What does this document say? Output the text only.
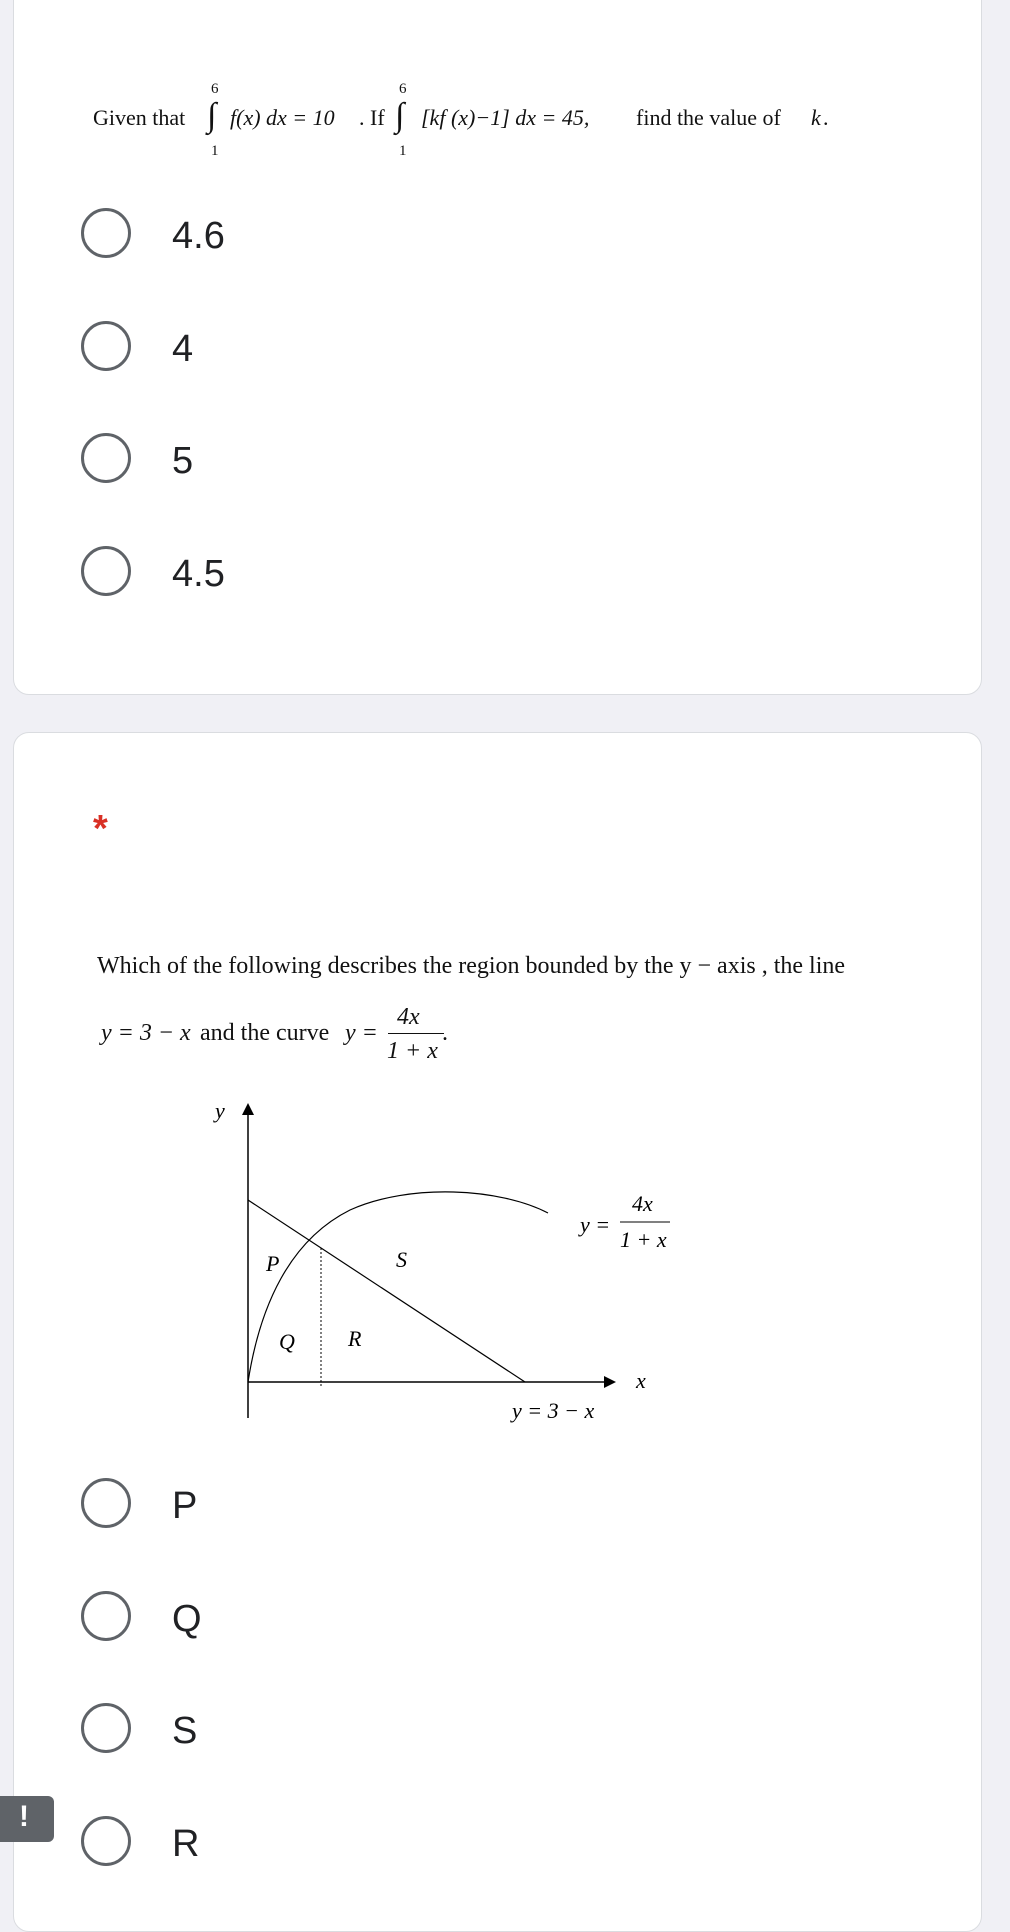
Given that
6
∫
1
f(x) dx = 10 . If
6
∫
1
[kf (x)−1] dx = 45, find the value of k .
4.6
4
5
4.5
*
Which of the following describes the region bounded by the y − axis , the line
y = 3 − x and the curve y =
4x
1 + x
.
y
x
P	S
Q R
y =
4x
1 + x
y = 3 − x
P
Q
S
R
!
